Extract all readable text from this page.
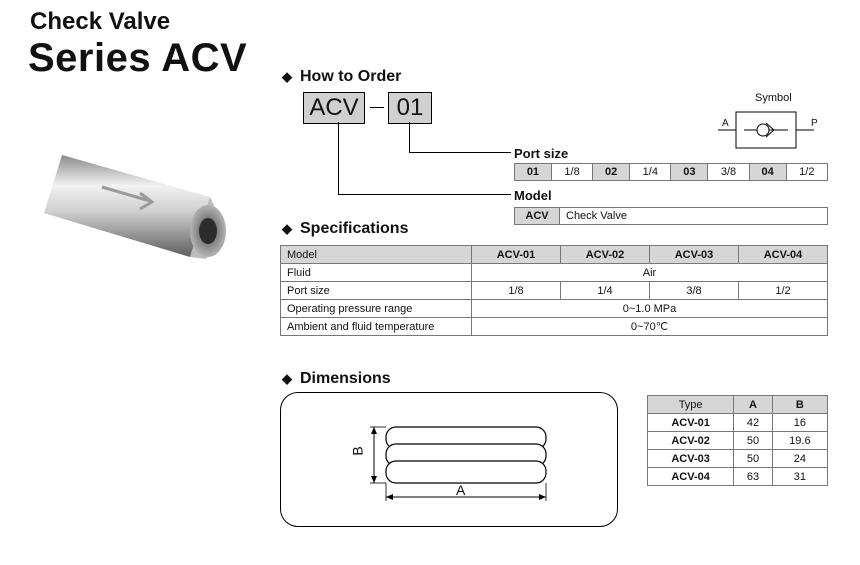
Check Valve
Series ACV	◆ How to Order
ACV	01
Port size
01	1/8	02	1/4	03	3/8	04	1/2
Model
ACV	Check Valve
Symbol
A	P
◆ Specifications
Model	ACV-01	ACV-02	ACV-03	ACV-04
Fluid	Air			
Port size	1/8	1/4	3/8	1/2
Operating pressure range	0~1.0 MPa			
Ambient and fluid temperature	0~70℃			
◆ Dimensions
A
B
Type	A	B
ACV-01	42	16
ACV-02	50	19.6
ACV-03	50	24
ACV-04	63	31
